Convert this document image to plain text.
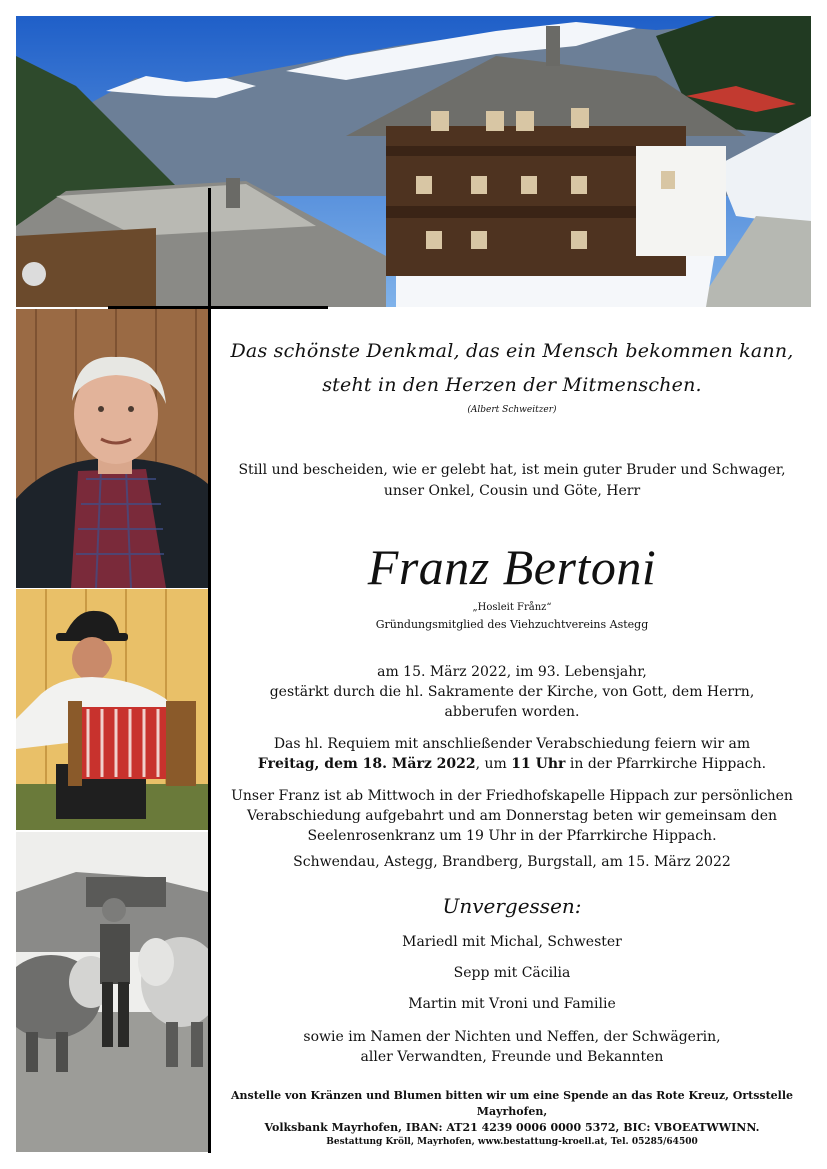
Das schönste Denkmal, das ein Mensch bekommen kann,
steht in den Herzen der Mitmenschen.
(Albert Schweitzer)
Still und bescheiden, wie er gelebt hat, ist mein guter Bruder und Schwager,
unser Onkel, Cousin und Göte, Herr
Franz Bertoni
„Hosleit Frånz“
Gründungsmitglied des Viehzuchtvereins Astegg
am 15. März 2022, im 93. Lebensjahr,
gestärkt durch die hl. Sakramente der Kirche, von Gott, dem Herrn,
abberufen worden.
Das hl. Requiem mit anschließender Verabschiedung feiern wir am
Freitag, dem 18. März 2022, um 11 Uhr in der Pfarrkirche Hippach.
Unser Franz ist ab Mittwoch in der Friedhofskapelle Hippach zur persönlichen
Verabschiedung aufgebahrt und am Donnerstag beten wir gemeinsam den
Seelenrosenkranz um 19 Uhr in der Pfarrkirche Hippach.
Schwendau, Astegg, Brandberg, Burgstall, am 15. März 2022
Unvergessen:
Mariedl mit Michal, Schwester
Sepp mit Cäcilia
Martin mit Vroni und Familie
sowie im Namen der Nichten und Neffen, der Schwägerin,
aller Verwandten, Freunde und Bekannten
Anstelle von Kränzen und Blumen bitten wir um eine Spende an das Rote Kreuz, Ortsstelle Mayrhofen,
Volksbank Mayrhofen, IBAN: AT21 4239 0006 0000 5372, BIC: VBOEATWWINN.
Bestattung Kröll, Mayrhofen, www.bestattung-kroell.at, Tel. 05285/64500
